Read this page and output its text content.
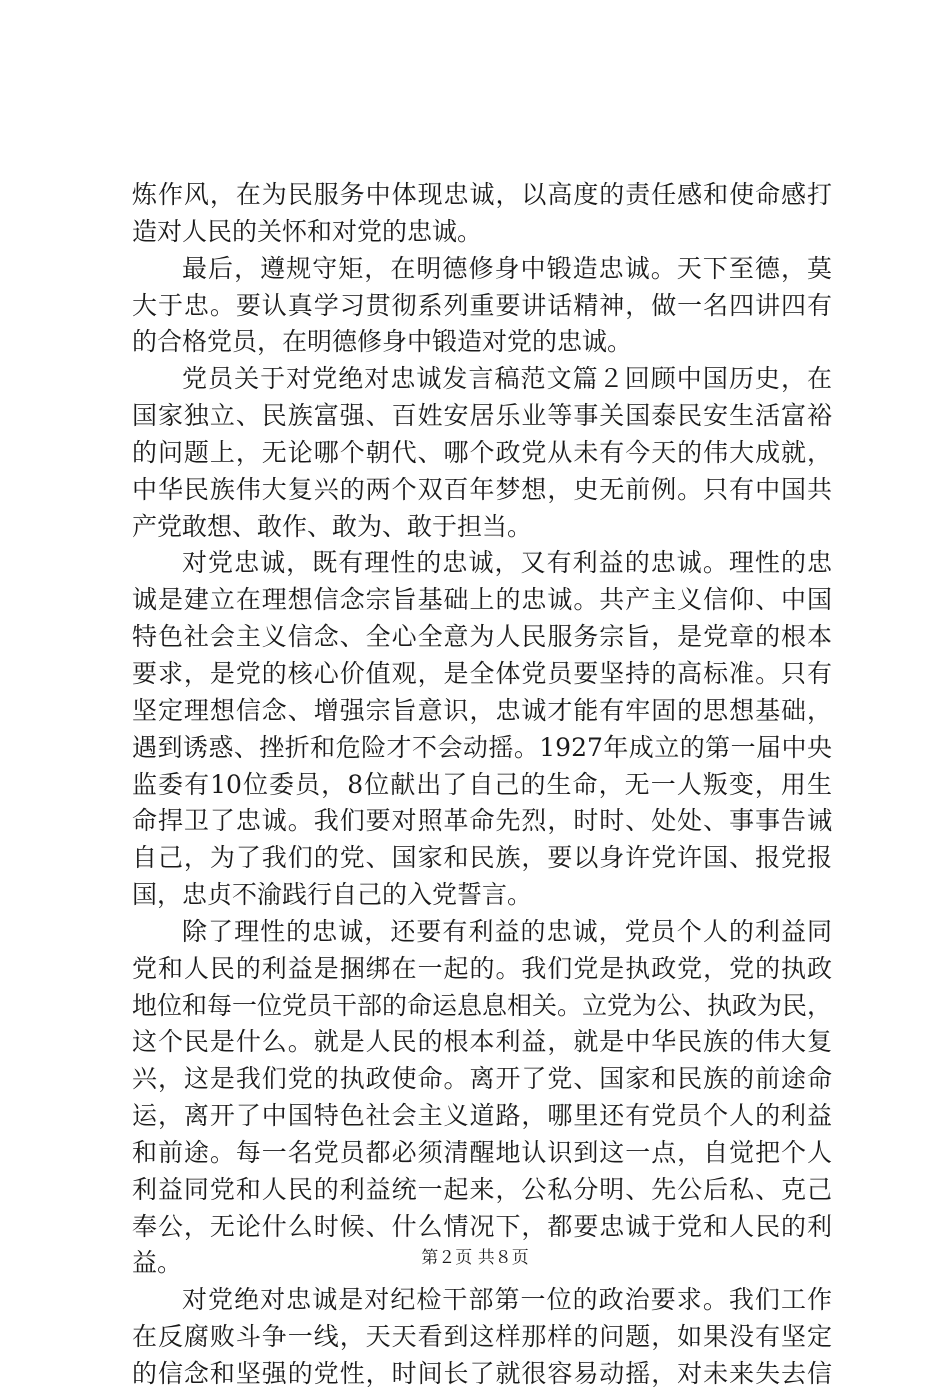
炼作风，在为民服务中体现忠诚，以高度的责任感和使命感打
造对人民的关怀和对党的忠诚。
最后，遵规守矩，在明德修身中锻造忠诚。天下至德，莫
大于忠。要认真学习贯彻系列重要讲话精神，做一名四讲四有
的合格党员，在明德修身中锻造对党的忠诚。
党员关于对党绝对忠诚发言稿范文篇２回顾中国历史，在
国家独立、民族富强、百姓安居乐业等事关国泰民安生活富裕
的问题上，无论哪个朝代、哪个政党从未有今天的伟大成就，
中华民族伟大复兴的两个双百年梦想，史无前例。只有中国共
产党敢想、敢作、敢为、敢于担当。
对党忠诚，既有理性的忠诚，又有利益的忠诚。理性的忠
诚是建立在理想信念宗旨基础上的忠诚。共产主义信仰、中国
特色社会主义信念、全心全意为人民服务宗旨，是党章的根本
要求，是党的核心价值观，是全体党员要坚持的高标准。只有
坚定理想信念、增强宗旨意识，忠诚才能有牢固的思想基础，
遇到诱惑、挫折和危险才不会动摇。1927年成立的第一届中央
监委有10位委员，8位献出了自己的生命，无一人叛变，用生
命捍卫了忠诚。我们要对照革命先烈，时时、处处、事事告诫
自己，为了我们的党、国家和民族，要以身许党许国、报党报
国，忠贞不渝践行自己的入党誓言。
除了理性的忠诚，还要有利益的忠诚，党员个人的利益同
党和人民的利益是捆绑在一起的。我们党是执政党，党的执政
地位和每一位党员干部的命运息息相关。立党为公、执政为民，
这个民是什么。就是人民的根本利益，就是中华民族的伟大复
兴，这是我们党的执政使命。离开了党、国家和民族的前途命
运，离开了中国特色社会主义道路，哪里还有党员个人的利益
和前途。每一名党员都必须清醒地认识到这一点，自觉把个人
利益同党和人民的利益统一起来，公私分明、先公后私、克己
奉公，无论什么时候、什么情况下，都要忠诚于党和人民的利
益。
对党绝对忠诚是对纪检干部第一位的政治要求。我们工作
在反腐败斗争一线，天天看到这样那样的问题，如果没有坚定
的信念和坚强的党性，时间长了就很容易动摇，对未来失去信
第２页 共８页
